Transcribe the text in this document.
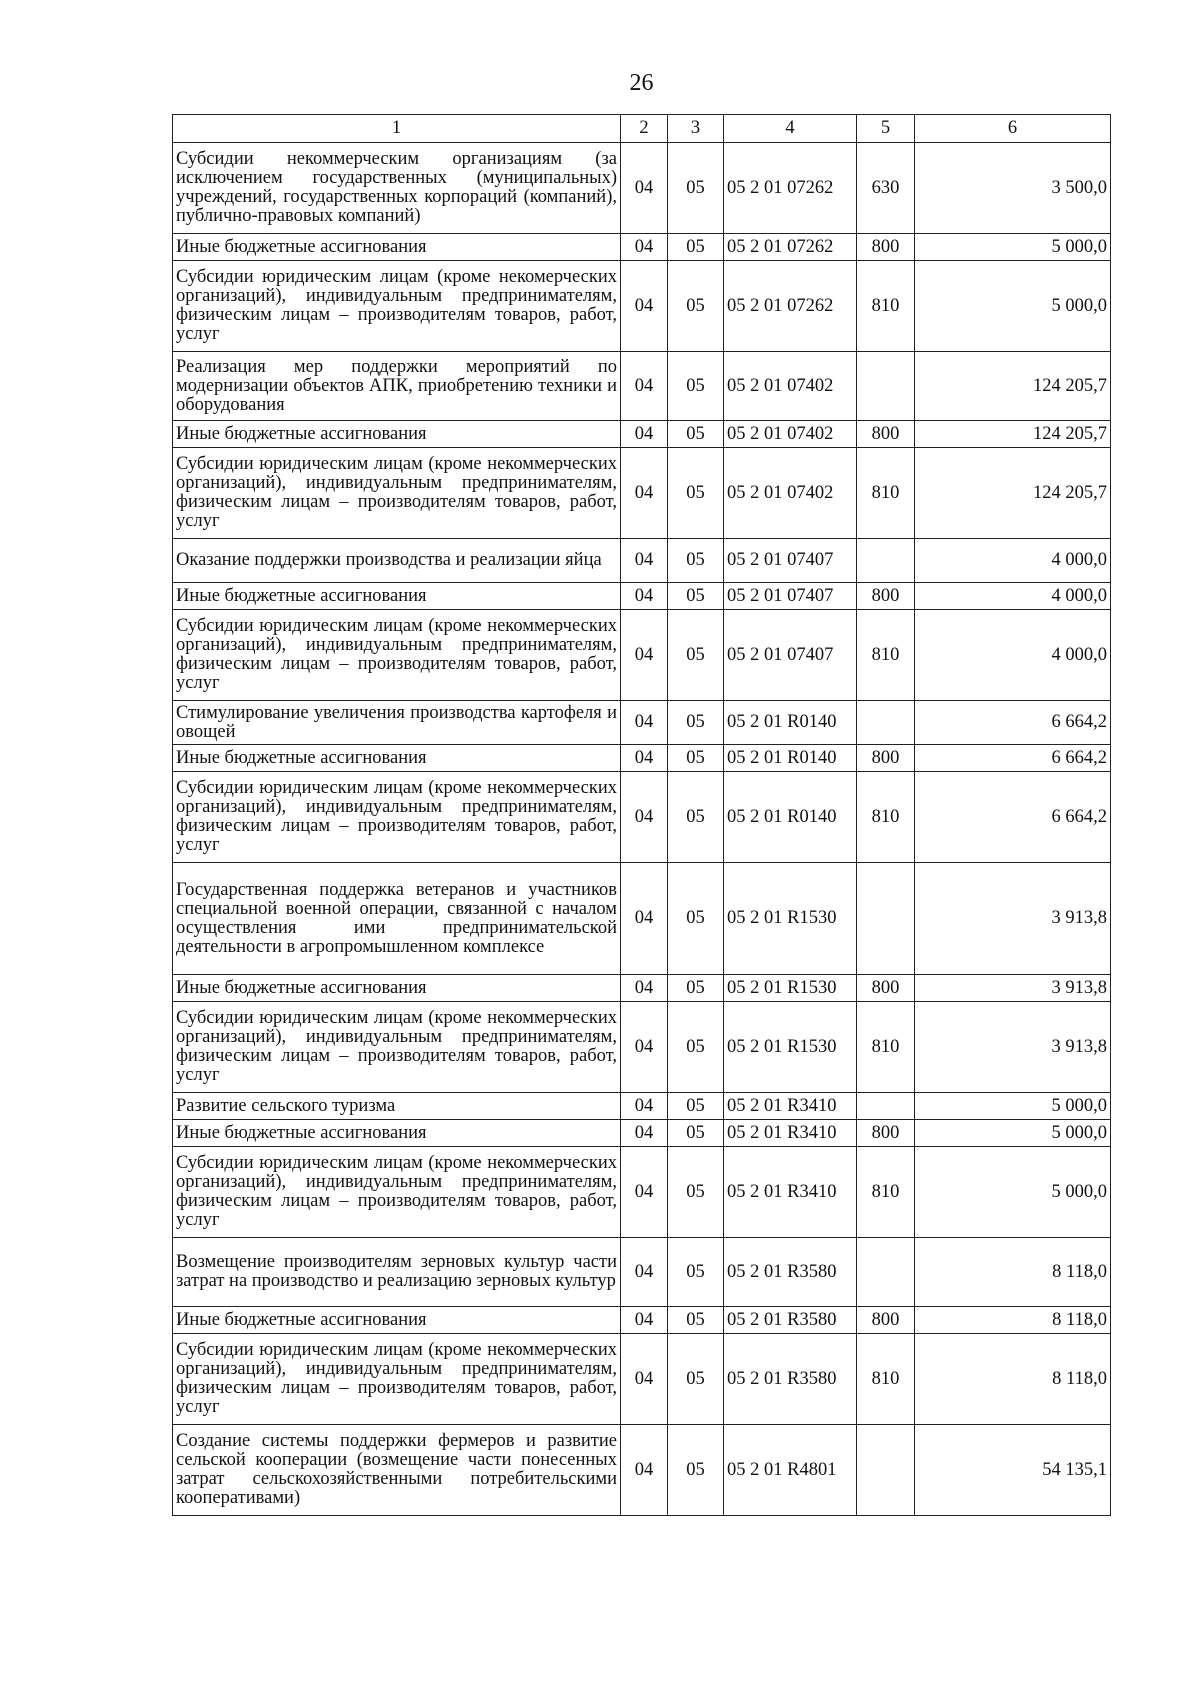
26
1	2	3	4	5	6
Субсидии некоммерческим организациям (за исключением государственных (муниципальных) учреждений, государственных корпораций (компаний), публично-правовых компаний)	04	05	05 2 01 07262	630	3 500,0
Иные бюджетные ассигнования	04	05	05 2 01 07262	800	5 000,0
Субсидии юридическим лицам (кроме некомерческих организаций), индивидуальным предпринимателям, физическим лицам – производителям товаров, работ, услуг	04	05	05 2 01 07262	810	5 000,0
Реализация мер поддержки мероприятий по модернизации объектов АПК, приобретению техники и оборудования	04	05	05 2 01 07402		124 205,7
Иные бюджетные ассигнования	04	05	05 2 01 07402	800	124 205,7
Субсидии юридическим лицам (кроме некоммерческих организаций), индивидуальным предпринимателям, физическим лицам – производителям товаров, работ, услуг	04	05	05 2 01 07402	810	124 205,7
Оказание поддержки производства и реализации яйца	04	05	05 2 01 07407		4 000,0
Иные бюджетные ассигнования	04	05	05 2 01 07407	800	4 000,0
Субсидии юридическим лицам (кроме некоммерческих организаций), индивидуальным предпринимателям, физическим лицам – производителям товаров, работ, услуг	04	05	05 2 01 07407	810	4 000,0
Стимулирование увеличения производства картофеля и овощей	04	05	05 2 01 R0140		6 664,2
Иные бюджетные ассигнования	04	05	05 2 01 R0140	800	6 664,2
Субсидии юридическим лицам (кроме некоммерческих организаций), индивидуальным предпринимателям, физическим лицам – производителям товаров, работ, услуг	04	05	05 2 01 R0140	810	6 664,2
Государственная поддержка ветеранов и участников специальной военной операции, связанной с началом осуществления ими предпринимательской деятельности в агропромышленном комплексе	04	05	05 2 01 R1530		3 913,8
Иные бюджетные ассигнования	04	05	05 2 01 R1530	800	3 913,8
Субсидии юридическим лицам (кроме некоммерческих организаций), индивидуальным предпринимателям, физическим лицам – производителям товаров, работ, услуг	04	05	05 2 01 R1530	810	3 913,8
Развитие сельского туризма	04	05	05 2 01 R3410		5 000,0
Иные бюджетные ассигнования	04	05	05 2 01 R3410	800	5 000,0
Субсидии юридическим лицам (кроме некоммерческих организаций), индивидуальным предпринимателям, физическим лицам – производителям товаров, работ, услуг	04	05	05 2 01 R3410	810	5 000,0
Возмещение производителям зерновых культур части затрат на производство и реализацию зерновых культур	04	05	05 2 01 R3580		8 118,0
Иные бюджетные ассигнования	04	05	05 2 01 R3580	800	8 118,0
Субсидии юридическим лицам (кроме некоммерческих организаций), индивидуальным предпринимателям, физическим лицам – производителям товаров, работ, услуг	04	05	05 2 01 R3580	810	8 118,0
Создание системы поддержки фермеров и развитие сельской кооперации (возмещение части понесенных затрат сельскохозяйственными потребительскими кооперативами)	04	05	05 2 01 R4801		54 135,1
